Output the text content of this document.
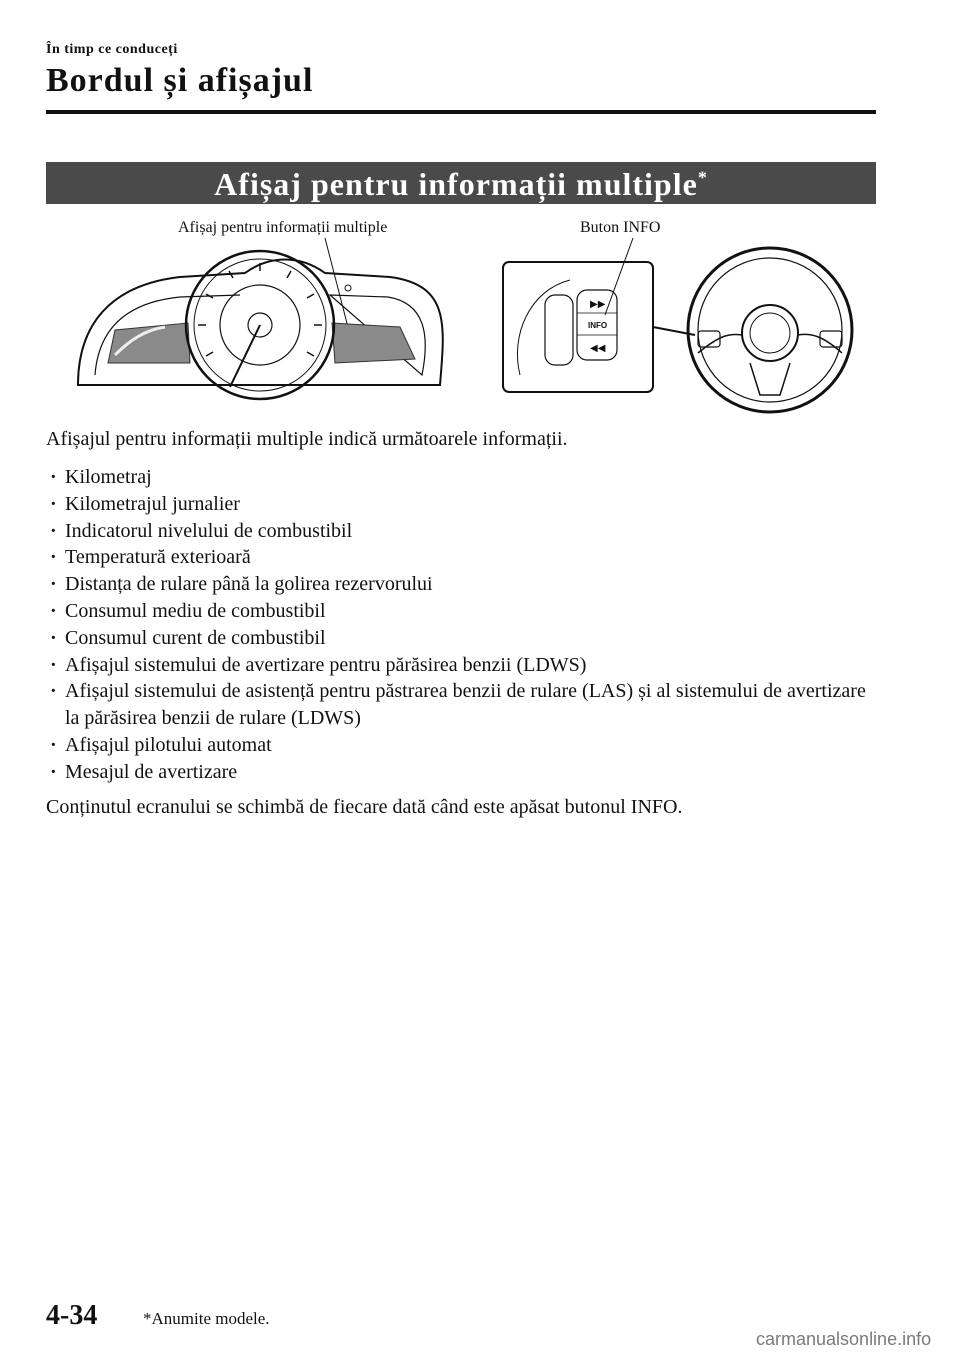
În timp ce conduceți
Bordul și afișajul
Afișaj pentru informații multiple*
Afișaj pentru informații multiple	Buton INFO
INFO
▶▶
◀◀
Afișajul pentru informații multiple indică următoarele informații.
· Kilometraj
· Kilometrajul jurnalier
· Indicatorul nivelului de combustibil
· Temperatură exterioară
· Distanța de rulare până la golirea rezervorului
· Consumul mediu de combustibil
· Consumul curent de combustibil
· Afișajul sistemului de avertizare pentru părăsirea benzii (LDWS)
· Afișajul sistemului de asistență pentru păstrarea benzii de rulare (LAS) și al sistemului de avertizare la părăsirea benzii de rulare (LDWS)
· Afișajul pilotului automat
· Mesajul de avertizare
Conținutul ecranului se schimbă de fiecare dată când este apăsat butonul INFO.
4-34	*Anumite modele.
carmanualsonline.info
